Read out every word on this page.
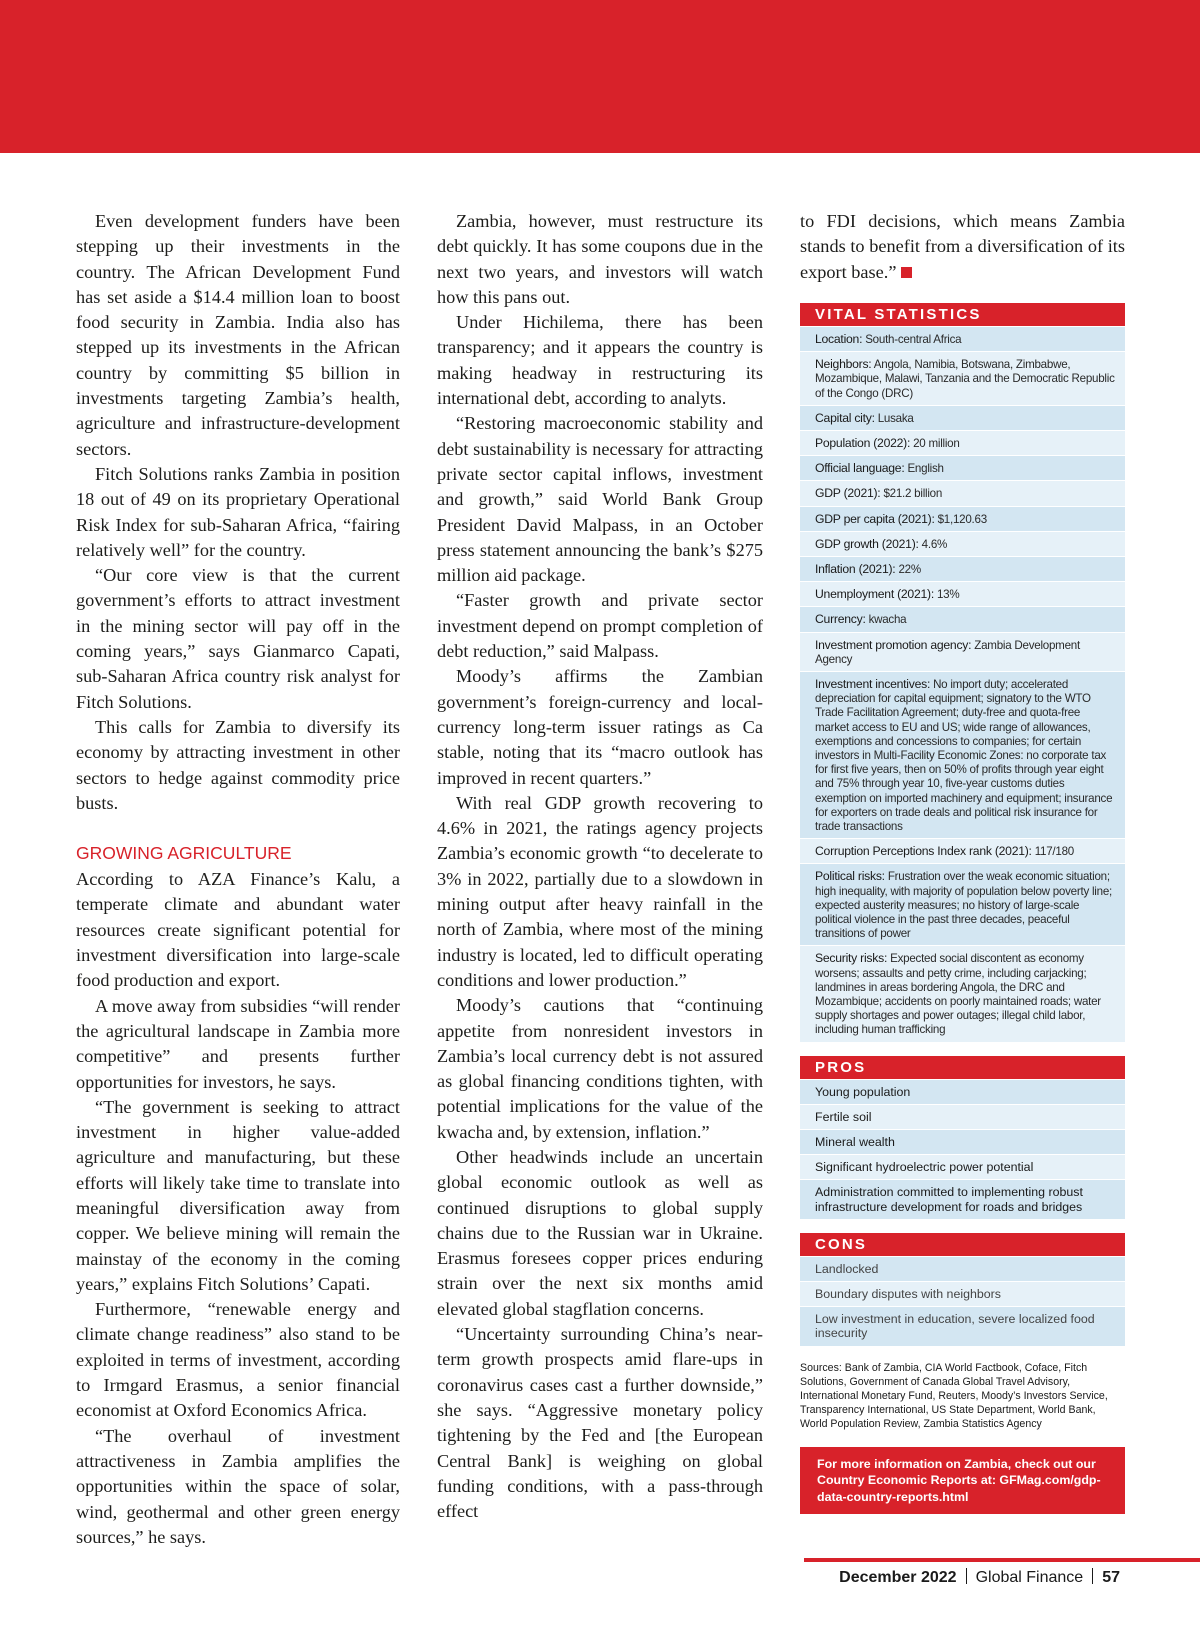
Even development funders have been stepping up their investments in the country. The African Development Fund has set aside a $14.4 million loan to boost food security in Zambia. India also has stepped up its investments in the African country by committing $5 billion in investments targeting Zambia’s health, agriculture and infrastructure-development sectors.

Fitch Solutions ranks Zambia in position 18 out of 49 on its proprietary Operational Risk Index for sub-Saharan Africa, “fairing relatively well” for the country.

“Our core view is that the current government’s efforts to attract investment in the mining sector will pay off in the coming years,” says Gianmarco Capati, sub-Saharan Africa country risk analyst for Fitch Solutions.

This calls for Zambia to diversify its economy by attracting investment in other sectors to hedge against commodity price busts.

GROWING AGRICULTURE

According to AZA Finance’s Kalu, a temperate climate and abundant water resources create significant potential for investment diversification into large-scale food production and export.

A move away from subsidies “will render the agricultural landscape in Zambia more competitive” and presents further opportunities for investors, he says.

“The government is seeking to attract investment in higher value-added agriculture and manufacturing, but these efforts will likely take time to translate into meaningful diversification away from copper. We believe mining will remain the mainstay of the economy in the coming years,” explains Fitch Solutions’ Capati.

Furthermore, “renewable energy and climate change readiness” also stand to be exploited in terms of investment, according to Irmgard Erasmus, a senior financial economist at Oxford Economics Africa.

“The overhaul of investment attractiveness in Zambia amplifies the opportunities within the space of solar, wind, geothermal and other green energy sources,” he says.

Zambia, however, must restructure its debt quickly. It has some coupons due in the next two years, and investors will watch how this pans out.

Under Hichilema, there has been transparency; and it appears the country is making headway in restructuring its international debt, according to analyts.

“Restoring macroeconomic stability and debt sustainability is necessary for attracting private sector capital inflows, investment and growth,” said World Bank Group President David Malpass, in an October press statement announcing the bank’s $275 million aid package.

“Faster growth and private sector investment depend on prompt completion of debt reduction,” said Malpass.

Moody’s affirms the Zambian government’s foreign-currency and local-currency long-term issuer ratings as Ca stable, noting that its “macro outlook has improved in recent quarters.”

With real GDP growth recovering to 4.6% in 2021, the ratings agency projects Zambia’s economic growth “to decelerate to 3% in 2022, partially due to a slowdown in mining output after heavy rainfall in the north of Zambia, where most of the mining industry is located, led to difficult operating conditions and lower production.”

Moody’s cautions that “continuing appetite from nonresident investors in Zambia’s local currency debt is not assured as global financing conditions tighten, with potential implications for the value of the kwacha and, by extension, inflation.”

Other headwinds include an uncertain global economic outlook as well as continued disruptions to global supply chains due to the Russian war in Ukraine. Erasmus foresees copper prices enduring strain over the next six months amid elevated global stagflation concerns.

“Uncertainty surrounding China’s near-term growth prospects amid flare-ups in coronavirus cases cast a further downside,” she says. “Aggressive monetary policy tightening by the Fed and [the European Central Bank] is weighing on global funding conditions, with a pass-through effect

to FDI decisions, which means Zambia stands to benefit from a diversification of its export base.”

VITAL STATISTICS
Location: South-central Africa
Neighbors: Angola, Namibia, Botswana, Zimbabwe, Mozambique, Malawi, Tanzania and the Democratic Republic of the Congo (DRC)
Capital city: Lusaka
Population (2022): 20 million
Official language: English
GDP (2021): $21.2 billion
GDP per capita (2021): $1,120.63
GDP growth (2021): 4.6%
Inflation (2021): 22%
Unemployment (2021): 13%
Currency: kwacha
Investment promotion agency: Zambia Development Agency
Investment incentives: No import duty; accelerated depreciation for capital equipment; signatory to the WTO Trade Facilitation Agreement; duty-free and quota-free market access to EU and US; wide range of allowances, exemptions and concessions to companies; for certain investors in Multi-Facility Economic Zones: no corporate tax for first five years, then on 50% of profits through year eight and 75% through year 10, five-year customs duties exemption on imported machinery and equipment; insurance for exporters on trade deals and political risk insurance for trade transactions
Corruption Perceptions Index rank (2021): 117/180
Political risks: Frustration over the weak economic situation; high inequality, with majority of population below poverty line; expected austerity measures; no history of large-scale political violence in the past three decades, peaceful transitions of power
Security risks: Expected social discontent as economy worsens; assaults and petty crime, including carjacking; landmines in areas bordering Angola, the DRC and Mozambique; accidents on poorly maintained roads; water supply shortages and power outages; illegal child labor, including human trafficking
PROS
Young population
Fertile soil
Mineral wealth
Significant hydroelectric power potential
Administration committed to implementing robust infrastructure development for roads and bridges
CONS
Landlocked
Boundary disputes with neighbors
Low investment in education, severe localized food insecurity
Sources: Bank of Zambia, CIA World Factbook, Coface, Fitch Solutions, Government of Canada Global Travel Advisory, International Monetary Fund, Reuters, Moody’s Investors Service, Transparency International, US State Department, World Bank, World Population Review, Zambia Statistics Agency
For more information on Zambia, check out our Country Economic Reports at: GFMag.com/gdp-data-country-reports.html
December 2022 Global Finance 57
